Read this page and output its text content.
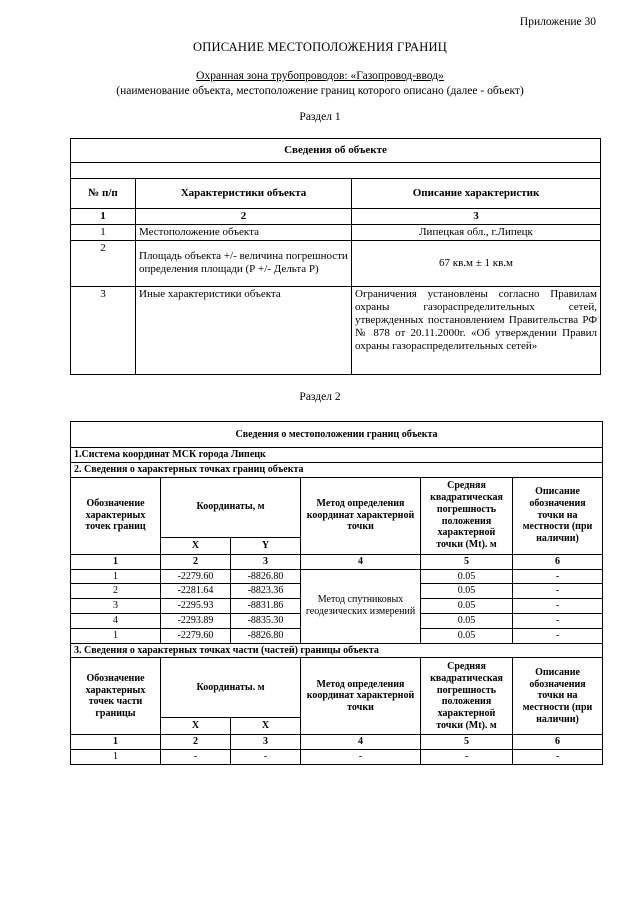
Приложение 30
ОПИСАНИЕ МЕСТОПОЛОЖЕНИЯ ГРАНИЦ
Охранная зона трубопроводов: «Газопровод-ввод»
(наименование объекта, местоположение границ которого описано (далее - объект)
Раздел 1
Сведения об объекте		

№ п/п	Характеристики объекта	Описание характеристик
1	2	3
1	Местоположение объекта	Липецкая обл., г.Липецк
2	Площадь объекта +/- величина погрешности определения площади (Р +/- Дельта Р)	67 кв.м ± 1 кв.м
3	Иные характеристики объекта	Ограничения установлены согласно Правилам охраны газораспределительных сетей, утвержденных постановлением Правительства РФ № 878 от 20.11.2000г. «Об утверждении Правил охраны газораспределительных сетей»
Раздел 2
Сведения о местоположении границ объекта					
1.Система координат МСК города Липецк					
2. Сведения о характерных точках границ объекта					
Обозначение характерных точек границ	Координаты, м		Метод определения координат характерной точки	Средняя квадратическая погрешность положения характерной точки (Mt). м	Описание обозначения точки на местности (при наличии)
	X	Y			
1	2	3	4	5	6
1	-2279.60	-8826.80	Метод спутниковых геодезических измерений	0.05	-
2	-2281.64	-8823.36		0.05	-
3	-2295.93	-8831.86		0.05	-
4	-2293.89	-8835.30		0.05	-
1	-2279.60	-8826.80		0.05	-
3. Сведения о характерных точках части (частей) границы объекта					
Обозначение характерных точек части границы	Координаты. м		Метод определения координат характерной точки	Средняя квадратическая погрешность положения характерной точки (Mt). м	Описание обозначения точки на местности (при наличии)
	X	X			
1	2	3	4	5	6
1	-	-	-	-	-
